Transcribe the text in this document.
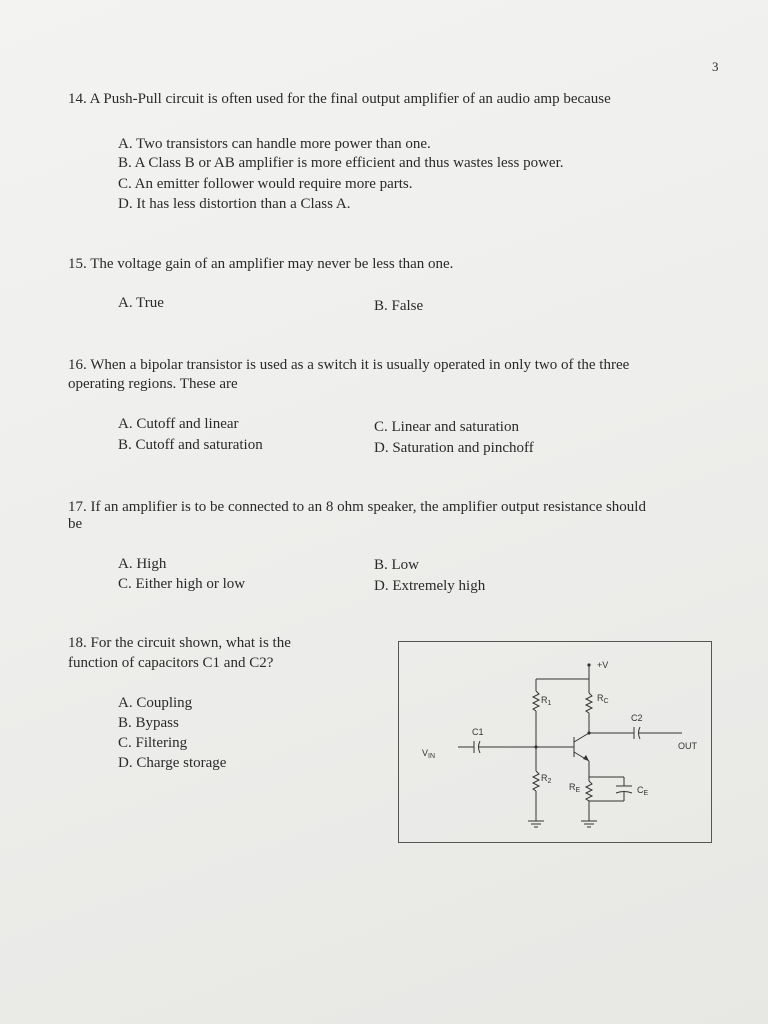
3
14. A Push-Pull circuit is often used for the final output amplifier of an audio amp because
A. Two transistors can handle more power than one.
B. A Class B or AB amplifier is more efficient and thus wastes less power.
C. An emitter follower would require more parts.
D. It has less distortion than a Class A.
15. The voltage gain of an amplifier may never be less than one.
A. True	B. False
16. When a bipolar transistor is used as a switch it is usually operated in only two of the three
operating regions. These are
A. Cutoff and linear
B. Cutoff and saturation
C. Linear and saturation
D. Saturation and pinchoff
17. If an amplifier is to be connected to an 8 ohm speaker, the amplifier output resistance should
be
A. High
C. Either high or low
B. Low
D. Extremely high
18. For the circuit shown, what is the
function of capacitors C1 and C2?
A. Coupling
B. Bypass
C. Filtering
D. Charge storage
+V
$R_1$
$R_C$
C2
C1
$V_{IN}$
OUT
$R_2$
$R_E$	$C_E$
